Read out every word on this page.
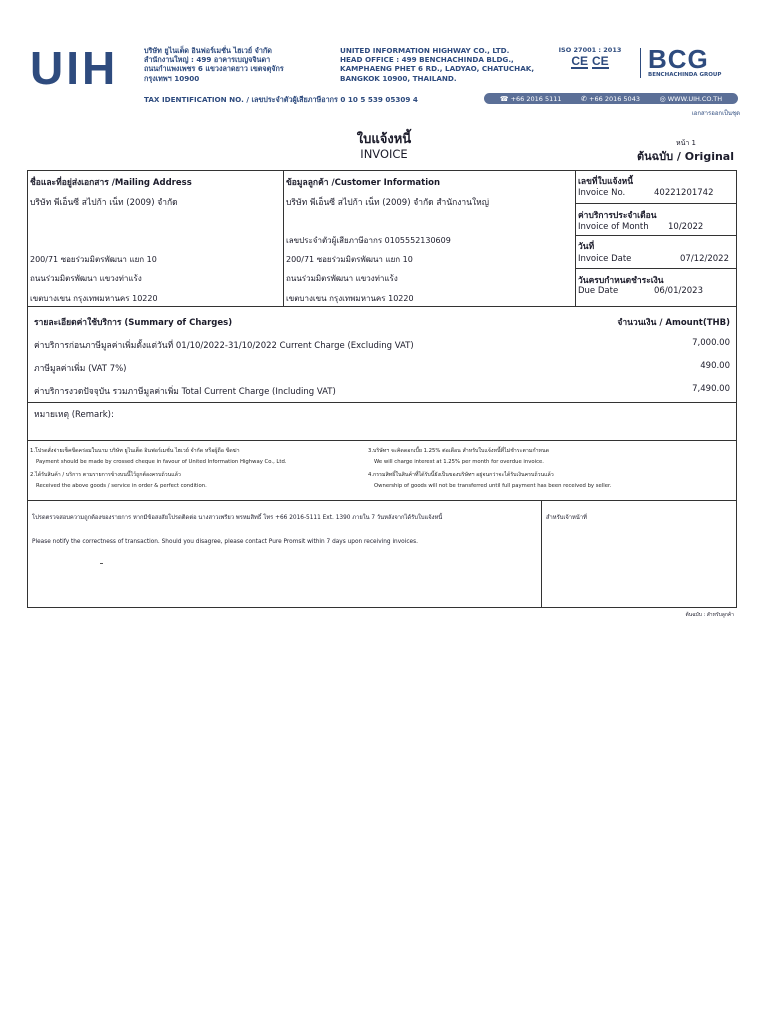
UIH	บริษัท ยูไนเต็ด อินฟอร์เมชั่น ไฮเวย์ จำกัด
สำนักงานใหญ่ : 499 อาคารเบญจจินดา
ถนนกำแพงเพชร 6 แขวงลาดยาว เขตจตุจักร
กรุงเทพฯ 10900
UNITED INFORMATION HIGHWAY CO., LTD.
HEAD OFFICE : 499 BENCHACHINDA BLDG.,
KAMPHAENG PHET 6 RD., LADYAO, CHATUCHAK,
BANGKOK 10900, THAILAND.
ISO 27001 : 2013
CE CE BCG
BENCHACHINDA GROUP
TAX IDENTIFICATION NO. / เลขประจำตัวผู้เสียภาษีอากร 0 10 5 539 05309 4	☎ +66 2016 5111	✆ +66 2016 5043	◎ WWW.UIH.CO.TH
เอกสารออกเป็นชุด
ใบแจ้งหนี้
INVOICE
หน้า 1
ต้นฉบับ / Original
ชื่อและที่อยู่ส่งเอกสาร /Mailing Address
บริษัท พีเอ็นซี สไปก้า เน็ท (2009) จำกัด
200/71 ซอยร่วมมิตรพัฒนา แยก 10
ถนนร่วมมิตรพัฒนา แขวงท่าแร้ง
เขตบางเขน กรุงเทพมหานคร 10220
ข้อมูลลูกค้า /Customer Information
บริษัท พีเอ็นซี สไปก้า เน็ท (2009) จำกัด สำนักงานใหญ่
เลขประจำตัวผู้เสียภาษีอากร 0105552130609
200/71 ซอยร่วมมิตรพัฒนา แยก 10
ถนนร่วมมิตรพัฒนา แขวงท่าแร้ง
เขตบางเขน กรุงเทพมหานคร 10220
เลขที่ใบแจ้งหนี้
Invoice No.	40221201742
ค่าบริการประจำเดือน
Invoice of Month 10/2022
วันที่
Invoice Date	07/12/2022
วันครบกำหนดชำระเงิน
Due Date	06/01/2023
รายละเอียดค่าใช้บริการ (Summary of Charges)	จำนวนเงิน / Amount(THB)
ค่าบริการก่อนภาษีมูลค่าเพิ่มตั้งแต่วันที่ 01/10/2022-31/10/2022 Current Charge (Excluding VAT)	7,000.00
ภาษีมูลค่าเพิ่ม (VAT 7%)	490.00
ค่าบริการงวดปัจจุบัน รวมภาษีมูลค่าเพิ่ม Total Current Charge (Including VAT)	7,490.00
หมายเหตุ (Remark):
1.โปรดสั่งจ่ายเช็คขีดคร่อมในนาม บริษัท ยูไนเต็ด อินฟอร์เมชั่น ไฮเวย์ จำกัด หรือผู้ถือ ขีดฆ่า
Payment should be made by crossed cheque in favour of United Information Highway Co., Ltd.
2.ได้รับสินค้า / บริการ ตามรายการข้างบนนี้ไว้ถูกต้องครบถ้วนแล้ว
Received the above goods / service in order & perfect condition.
3.บริษัทฯ จะคิดดอกเบี้ย 1.25% ต่อเดือน สำหรับใบแจ้งหนี้ที่ไม่ชำระตามกำหนด
We will charge interest at 1.25% per month for overdue invoice.
4.กรรมสิทธิ์ในสินค้าที่ได้รับนี้ยังเป็นของบริษัทฯ อยู่จนกว่าจะได้รับเงินครบถ้วนแล้ว
Ownership of goods will not be transferred until full payment has been received by seller.
โปรดตรวจสอบความถูกต้องของรายการ หากมีข้อสงสัยโปรดติดต่อ นางสาวเพรียว พรหมสิทธิ์ โทร +66 2016-5111 Ext. 1390 ภายใน 7 วันหลังจากได้รับใบแจ้งหนี้
Please notify the correctness of transaction. Should you disagree, please contact Pure Promsit within 7 days upon receiving invoices.
สำหรับเจ้าหน้าที่
ต้นฉบับ : สำหรับลูกค้า
